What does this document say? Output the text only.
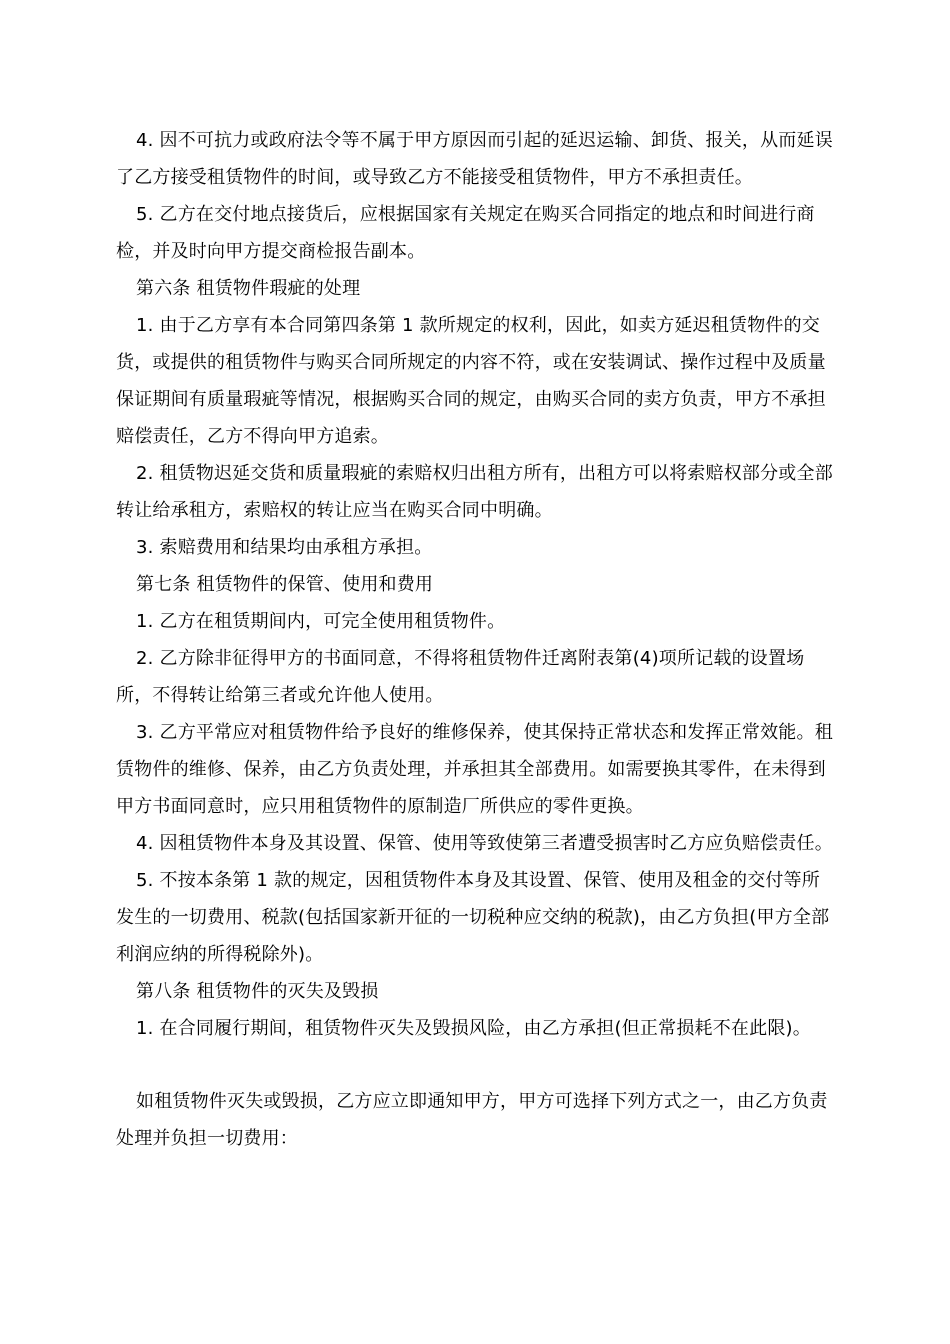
4. 因不可抗力或政府法令等不属于甲方原因而引起的延迟运输、卸货、报关，从而延误了乙方接受租赁物件的时间，或导致乙方不能接受租赁物件，甲方不承担责任。

5. 乙方在交付地点接货后，应根据国家有关规定在购买合同指定的地点和时间进行商检，并及时向甲方提交商检报告副本。

第六条 租赁物件瑕疵的处理

1. 由于乙方享有本合同第四条第 1 款所规定的权利，因此，如卖方延迟租赁物件的交货，或提供的租赁物件与购买合同所规定的内容不符，或在安装调试、操作过程中及质量保证期间有质量瑕疵等情况，根据购买合同的规定，由购买合同的卖方负责，甲方不承担赔偿责任，乙方不得向甲方追索。

2. 租赁物迟延交货和质量瑕疵的索赔权归出租方所有，出租方可以将索赔权部分或全部转让给承租方，索赔权的转让应当在购买合同中明确。

3. 索赔费用和结果均由承租方承担。

第七条 租赁物件的保管、使用和费用

1. 乙方在租赁期间内，可完全使用租赁物件。

2. 乙方除非征得甲方的书面同意，不得将租赁物件迁离附表第(4)项所记载的设置场所，不得转让给第三者或允许他人使用。

3. 乙方平常应对租赁物件给予良好的维修保养，使其保持正常状态和发挥正常效能。租赁物件的维修、保养，由乙方负责处理，并承担其全部费用。如需要换其零件，在未得到甲方书面同意时，应只用租赁物件的原制造厂所供应的零件更换。

4. 因租赁物件本身及其设置、保管、使用等致使第三者遭受损害时乙方应负赔偿责任。

5. 不按本条第 1 款的规定，因租赁物件本身及其设置、保管、使用及租金的交付等所发生的一切费用、税款(包括国家新开征的一切税种应交纳的税款)，由乙方负担(甲方全部利润应纳的所得税除外)。

第八条 租赁物件的灭失及毁损

1. 在合同履行期间，租赁物件灭失及毁损风险，由乙方承担(但正常损耗不在此限)。

如租赁物件灭失或毁损，乙方应立即通知甲方，甲方可选择下列方式之一，由乙方负责处理并负担一切费用：
